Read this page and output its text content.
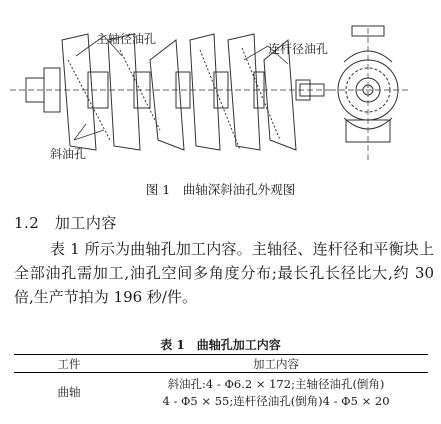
主轴径油孔
连杆径油孔
斜油孔
图 1　曲轴深斜油孔外观图
1.2　加工内容
表 1 所示为曲轴孔加工内容。主轴径、连杆径和平衡块上全部油孔需加工,油孔空间多角度分布;最长孔长径比大,约 30 倍,生产节拍为 196 秒/件。
表 1　曲轴孔加工内容
工件	加工内容
曲轴	斜油孔:4 - Φ6.2 × 172;主轴径油孔(倒角)
4 - Φ5 × 55;连杆径油孔(倒角)4 - Φ5 × 20
